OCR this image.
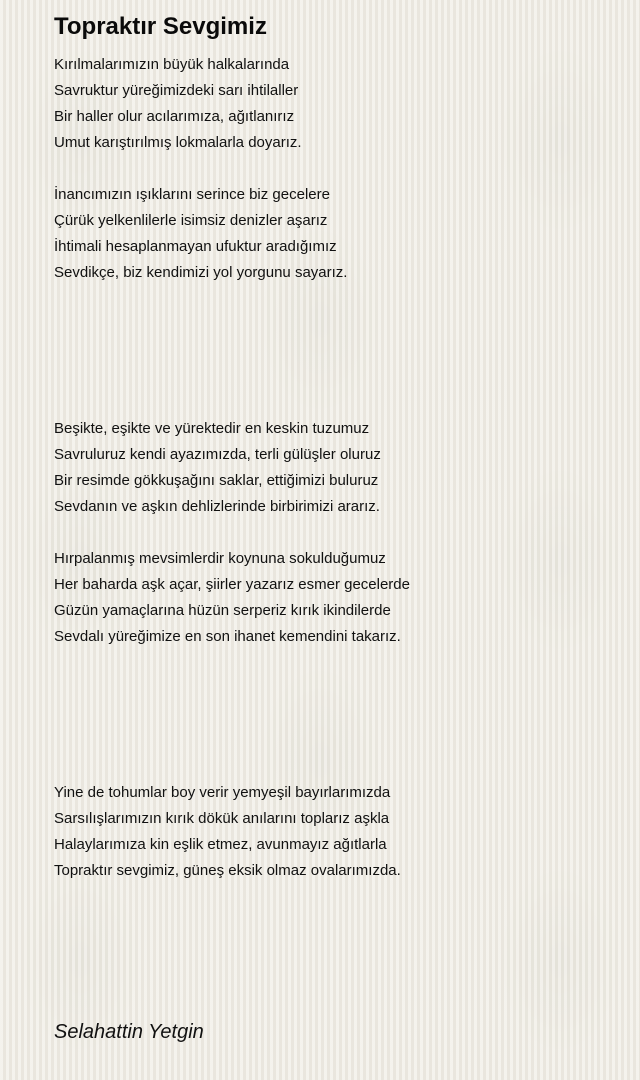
Topraktır Sevgimiz
Kırılmalarımızın büyük halkalarında
Savruktur yüreğimizdeki sarı ihtilaller
Bir haller olur acılarımıza, ağıtlanırız
Umut karıştırılmış lokmalarla doyarız.
İnancımızın ışıklarını serince biz gecelere
Çürük yelkenlilerle isimsiz denizler aşarız
İhtimali hesaplanmayan ufuktur aradığımız
Sevdikçe, biz kendimizi yol yorgunu sayarız.
Beşikte, eşikte ve yürektedir en keskin tuzumuz
Savruluruz kendi ayazımızda, terli gülüşler oluruz
Bir resimde gökkuşağını saklar, ettiğimizi buluruz
Sevdanın ve aşkın dehlizlerinde birbirimizi ararız.
Hırpalanmış mevsimlerdir koynuna sokulduğumuz
Her baharda aşk açar, şiirler yazarız esmer gecelerde
Güzün yamaçlarına hüzün serperiz kırık ikindilerde
Sevdalı yüreğimize en son ihanet kemendini takarız.
Yine de tohumlar boy verir yemyeşil bayırlarımızda
Sarsılışlarımızın kırık dökük anılarını toplarız aşkla
Halaylarımıza kin eşlik etmez, avunmayız ağıtlarla
Topraktır sevgimiz, güneş eksik olmaz ovalarımızda.
Selahattin Yetgin
